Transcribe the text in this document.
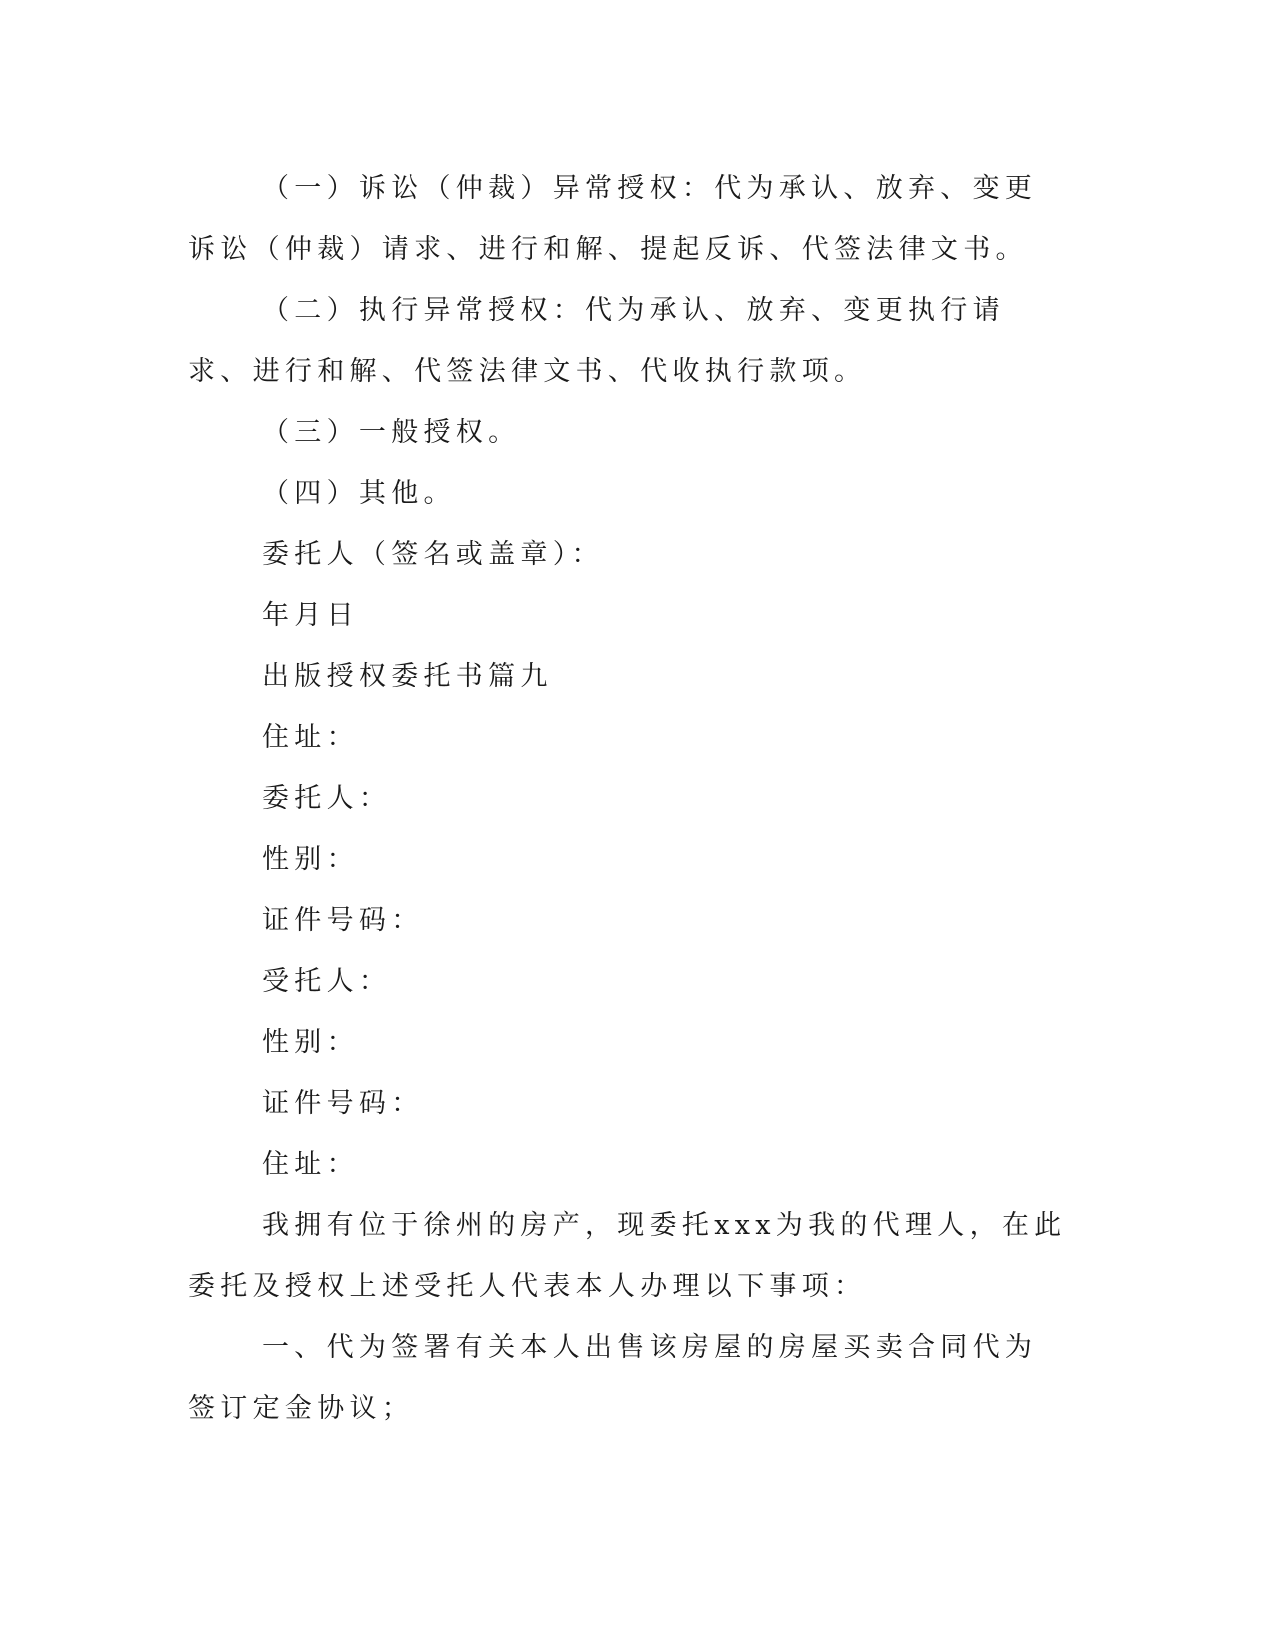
（一）诉讼（仲裁）异常授权：代为承认、放弃、变更诉讼（仲裁）请求、进行和解、提起反诉、代签法律文书。

（二）执行异常授权：代为承认、放弃、变更执行请求、进行和解、代签法律文书、代收执行款项。

（三）一般授权。

（四）其他。

委托人（签名或盖章）：

年月日

出版授权委托书篇九

住址：

委托人：

性别：

证件号码：

受托人：

性别：

证件号码：

住址：

我拥有位于徐州的房产，现委托xxx为我的代理人，在此委托及授权上述受托人代表本人办理以下事项：

一、代为签署有关本人出售该房屋的房屋买卖合同代为签订定金协议；
